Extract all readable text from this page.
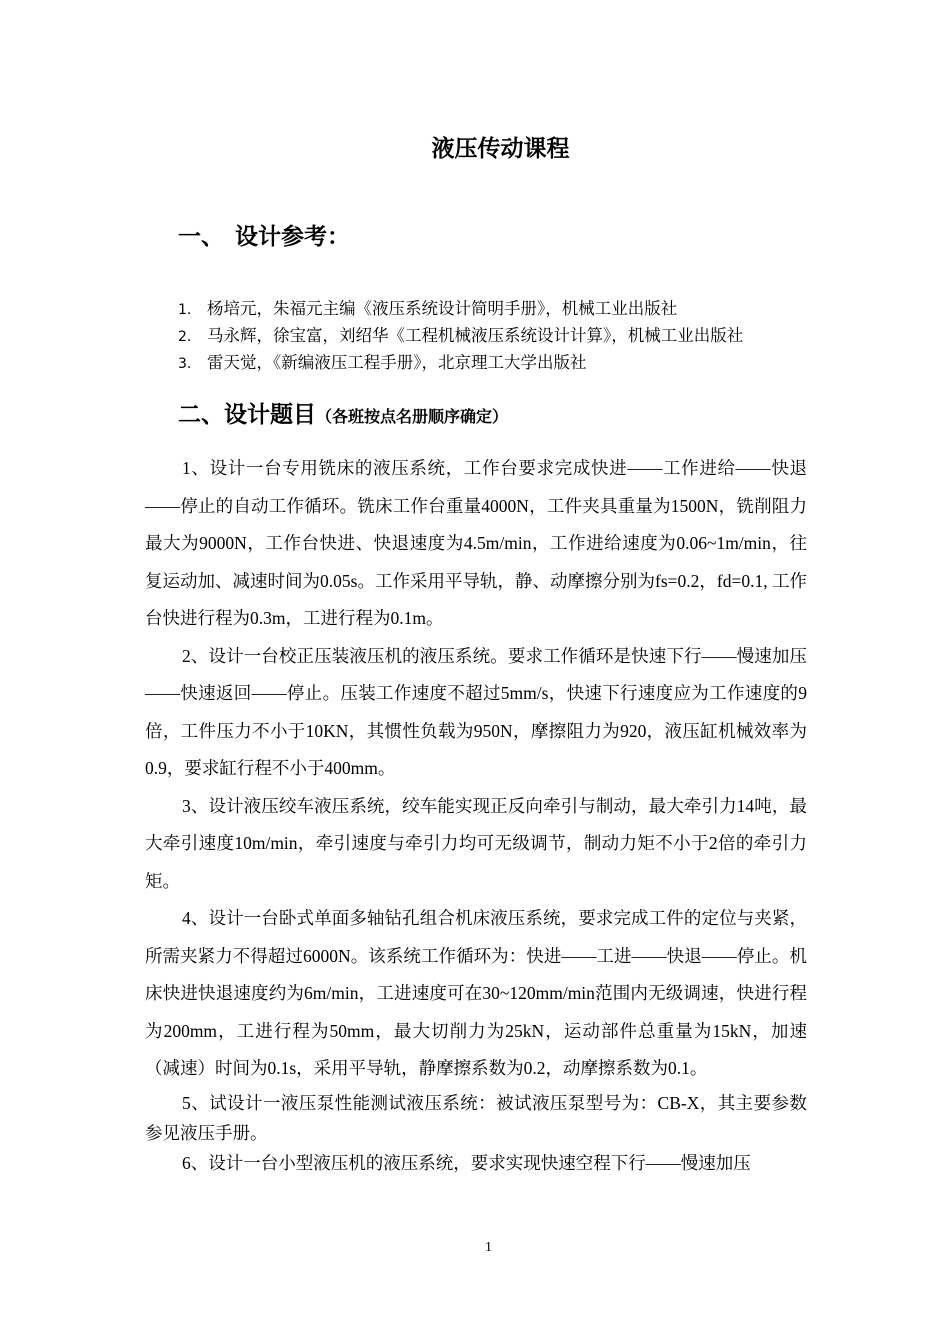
液压传动课程
一、 设计参考：
1. 杨培元，朱福元主编《液压系统设计简明手册》，机械工业出版社
2. 马永辉，徐宝富，刘绍华《工程机械液压系统设计计算》，机械工业出版社
3. 雷天觉，《新编液压工程手册》，北京理工大学出版社
二、设计题目（各班按点名册顺序确定）

1、设计一台专用铣床的液压系统，工作台要求完成快进——工作进给——快退——停止的自动工作循环。铣床工作台重量4000N，工件夹具重量为1500N，铣削阻力最大为9000N，工作台快进、快退速度为4.5m/min，工作进给速度为0.06~1m/min，往复运动加、减速时间为0.05s。工作采用平导轨，静、动摩擦分别为fs=0.2，fd=0.1, 工作台快进行程为0.3m，工进行程为0.1m。

2、设计一台校正压装液压机的液压系统。要求工作循环是快速下行——慢速加压——快速返回——停止。压装工作速度不超过5mm/s，快速下行速度应为工作速度的9倍，工件压力不小于10KN，其惯性负载为950N，摩擦阻力为920，液压缸机械效率为0.9，要求缸行程不小于400mm。

3、设计液压绞车液压系统，绞车能实现正反向牵引与制动，最大牵引力14吨，最大牵引速度10m/min，牵引速度与牵引力均可无级调节，制动力矩不小于2倍的牵引力矩。

4、设计一台卧式单面多轴钻孔组合机床液压系统，要求完成工件的定位与夹紧，所需夹紧力不得超过6000N。该系统工作循环为：快进——工进——快退——停止。机床快进快退速度约为6m/min，工进速度可在30~120mm/min范围内无级调速，快进行程为200mm，工进行程为50mm，最大切削力为25kN，运动部件总重量为15kN，加速（减速）时间为0.1s，采用平导轨，静摩擦系数为0.2，动摩擦系数为0.1。

5、试设计一液压泵性能测试液压系统：被试液压泵型号为：CB-X，其主要参数参见液压手册。

6、设计一台小型液压机的液压系统，要求实现快速空程下行——慢速加压

1
